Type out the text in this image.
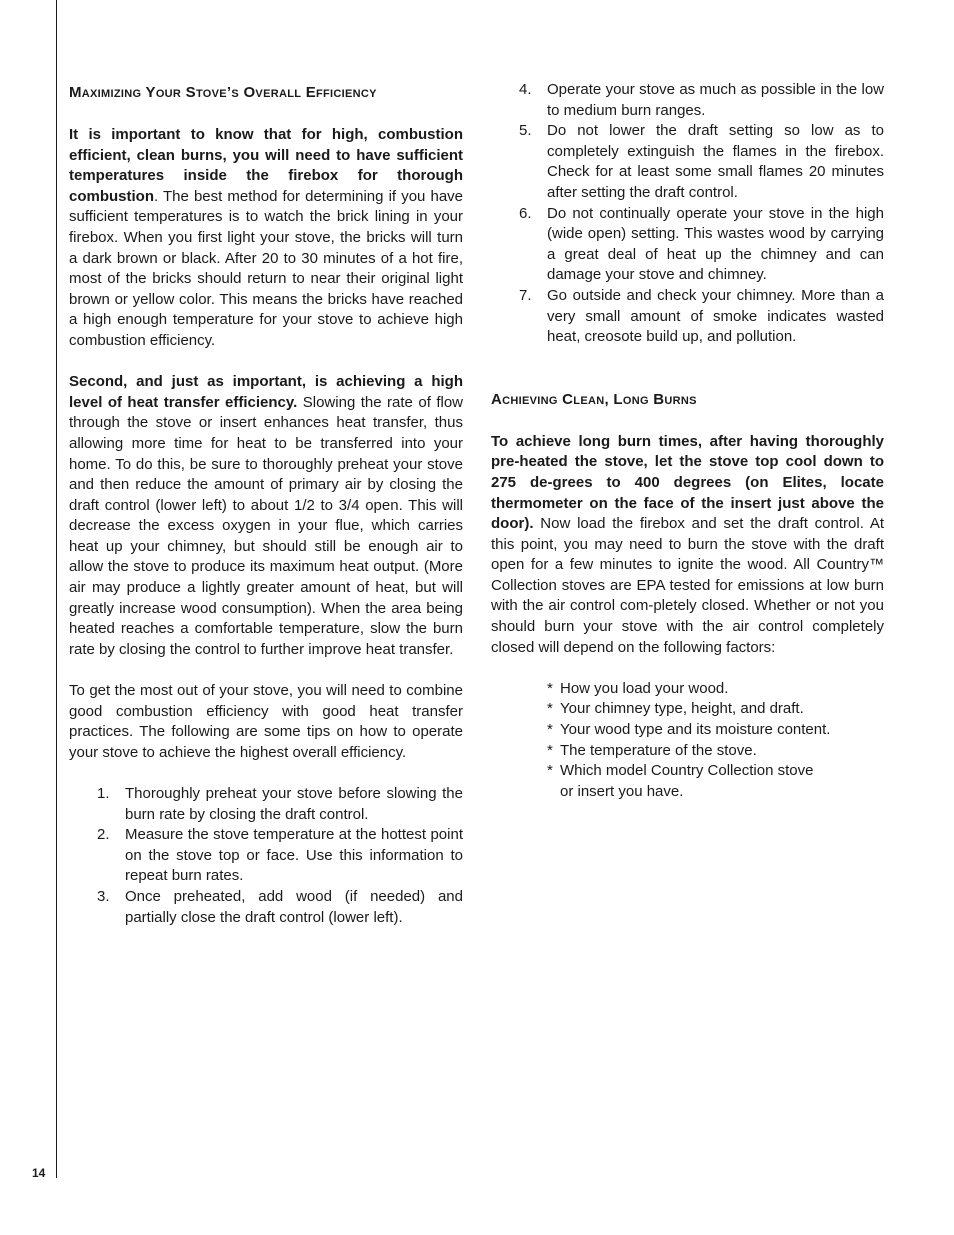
Maximizing Your Stove’s Overall Efficiency

It is important to know that for high, combustion efficient, clean burns, you will need to have sufficient temperatures inside the firebox for thorough combustion. The best method for determining if you have sufficient temperatures is to watch the brick lining in your firebox. When you first light your stove, the bricks will turn a dark brown or black. After 20 to 30 minutes of a hot fire, most of the bricks should return to near their original light brown or yellow color. This means the bricks have reached a high enough temperature for your stove to achieve high combustion efficiency.

Second, and just as important, is achieving a high level of heat transfer efficiency. Slowing the rate of flow through the stove or insert enhances heat transfer, thus allowing more time for heat to be transferred into your home. To do this, be sure to thoroughly preheat your stove and then reduce the amount of primary air by closing the draft control (lower left) to about 1/2 to 3/4 open. This will decrease the excess oxygen in your flue, which carries heat up your chimney, but should still be enough air to allow the stove to produce its maximum heat output. (More air may produce a lightly greater amount of heat, but will greatly increase wood consumption). When the area being heated reaches a comfortable temperature, slow the burn rate by closing the control to further improve heat transfer.

To get the most out of your stove, you will need to combine good combustion efficiency with good heat transfer practices. The following are some tips on how to operate your stove to achieve the highest overall efficiency.

1. Thoroughly preheat your stove before slowing the burn rate by closing the draft control.
2. Measure the stove temperature at the hottest point on the stove top or face. Use this information to repeat burn rates.
3. Once preheated, add wood (if needed) and partially close the draft control (lower left).
4. Operate your stove as much as possible in the low to medium burn ranges.
5. Do not lower the draft setting so low as to completely extinguish the flames in the firebox. Check for at least some small flames 20 minutes after setting the draft control.
6. Do not continually operate your stove in the high (wide open) setting. This wastes wood by carrying a great deal of heat up the chimney and can damage your stove and chimney.
7. Go outside and check your chimney. More than a very small amount of smoke indicates wasted heat, creosote build up, and pollution.
Achieving Clean, Long Burns

To achieve long burn times, after having thoroughly pre-heated the stove, let the stove top cool down to 275 de-grees to 400 degrees (on Elites, locate thermometer on the face of the insert just above the door). Now load the firebox and set the draft control. At this point, you may need to burn the stove with the draft open for a few minutes to ignite the wood. All Country™ Collection stoves are EPA tested for emissions at low burn with the air control com-pletely closed. Whether or not you should burn your stove with the air control completely closed will depend on the following factors:

* How you load your wood.
* Your chimney type, height, and draft.
* Your wood type and its moisture content.
* The temperature of the stove.
* Which model Country Collection stove or insert you have.
14
